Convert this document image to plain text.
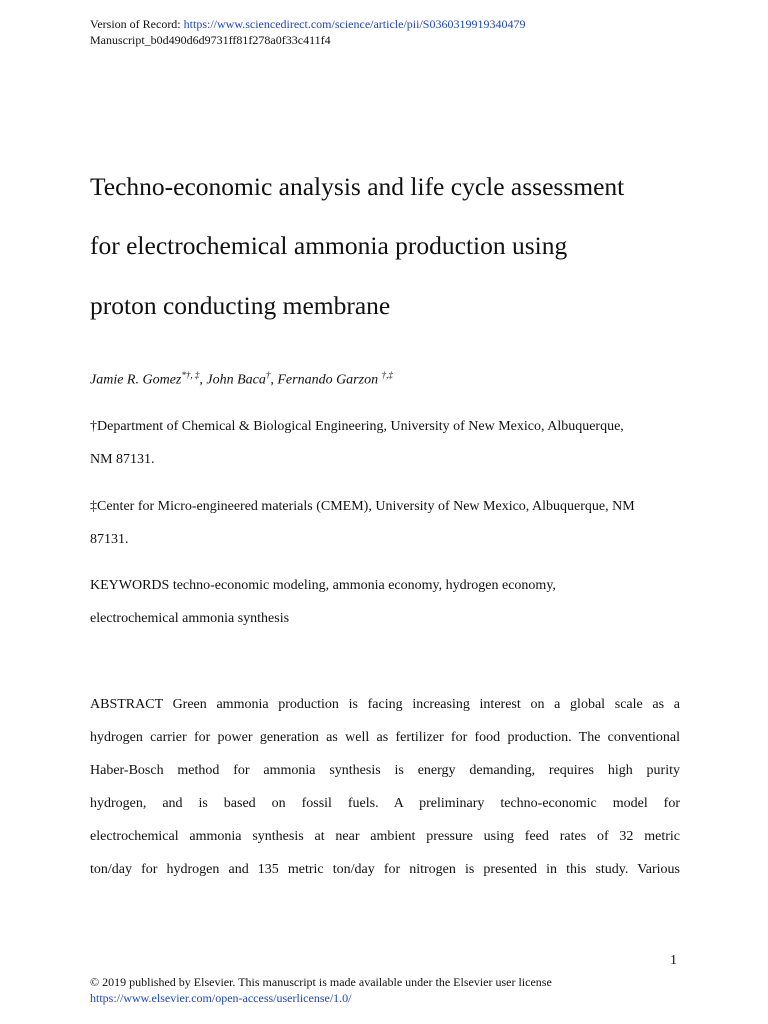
Version of Record: https://www.sciencedirect.com/science/article/pii/S0360319919340479
Manuscript_b0d490d6d9731ff81f278a0f33c411f4
Techno-economic analysis and life cycle assessment
for electrochemical ammonia production using
proton conducting membrane
Jamie R. Gomez*†, ‡, John Baca†, Fernando Garzon †,‡
†Department of Chemical & Biological Engineering, University of New Mexico, Albuquerque,
NM 87131.
‡Center for Micro-engineered materials (CMEM), University of New Mexico, Albuquerque, NM
87131.
KEYWORDS techno-economic modeling, ammonia economy, hydrogen economy,
electrochemical ammonia synthesis
ABSTRACT Green ammonia production is facing increasing interest on a global scale as a
hydrogen carrier for power generation as well as fertilizer for food production. The conventional
Haber-Bosch method for ammonia synthesis is energy demanding, requires high purity
hydrogen, and is based on fossil fuels. A preliminary techno-economic model for
electrochemical ammonia synthesis at near ambient pressure using feed rates of 32 metric
ton/day for hydrogen and 135 metric ton/day for nitrogen is presented in this study. Various
1
© 2019 published by Elsevier. This manuscript is made available under the Elsevier user license
https://www.elsevier.com/open-access/userlicense/1.0/
